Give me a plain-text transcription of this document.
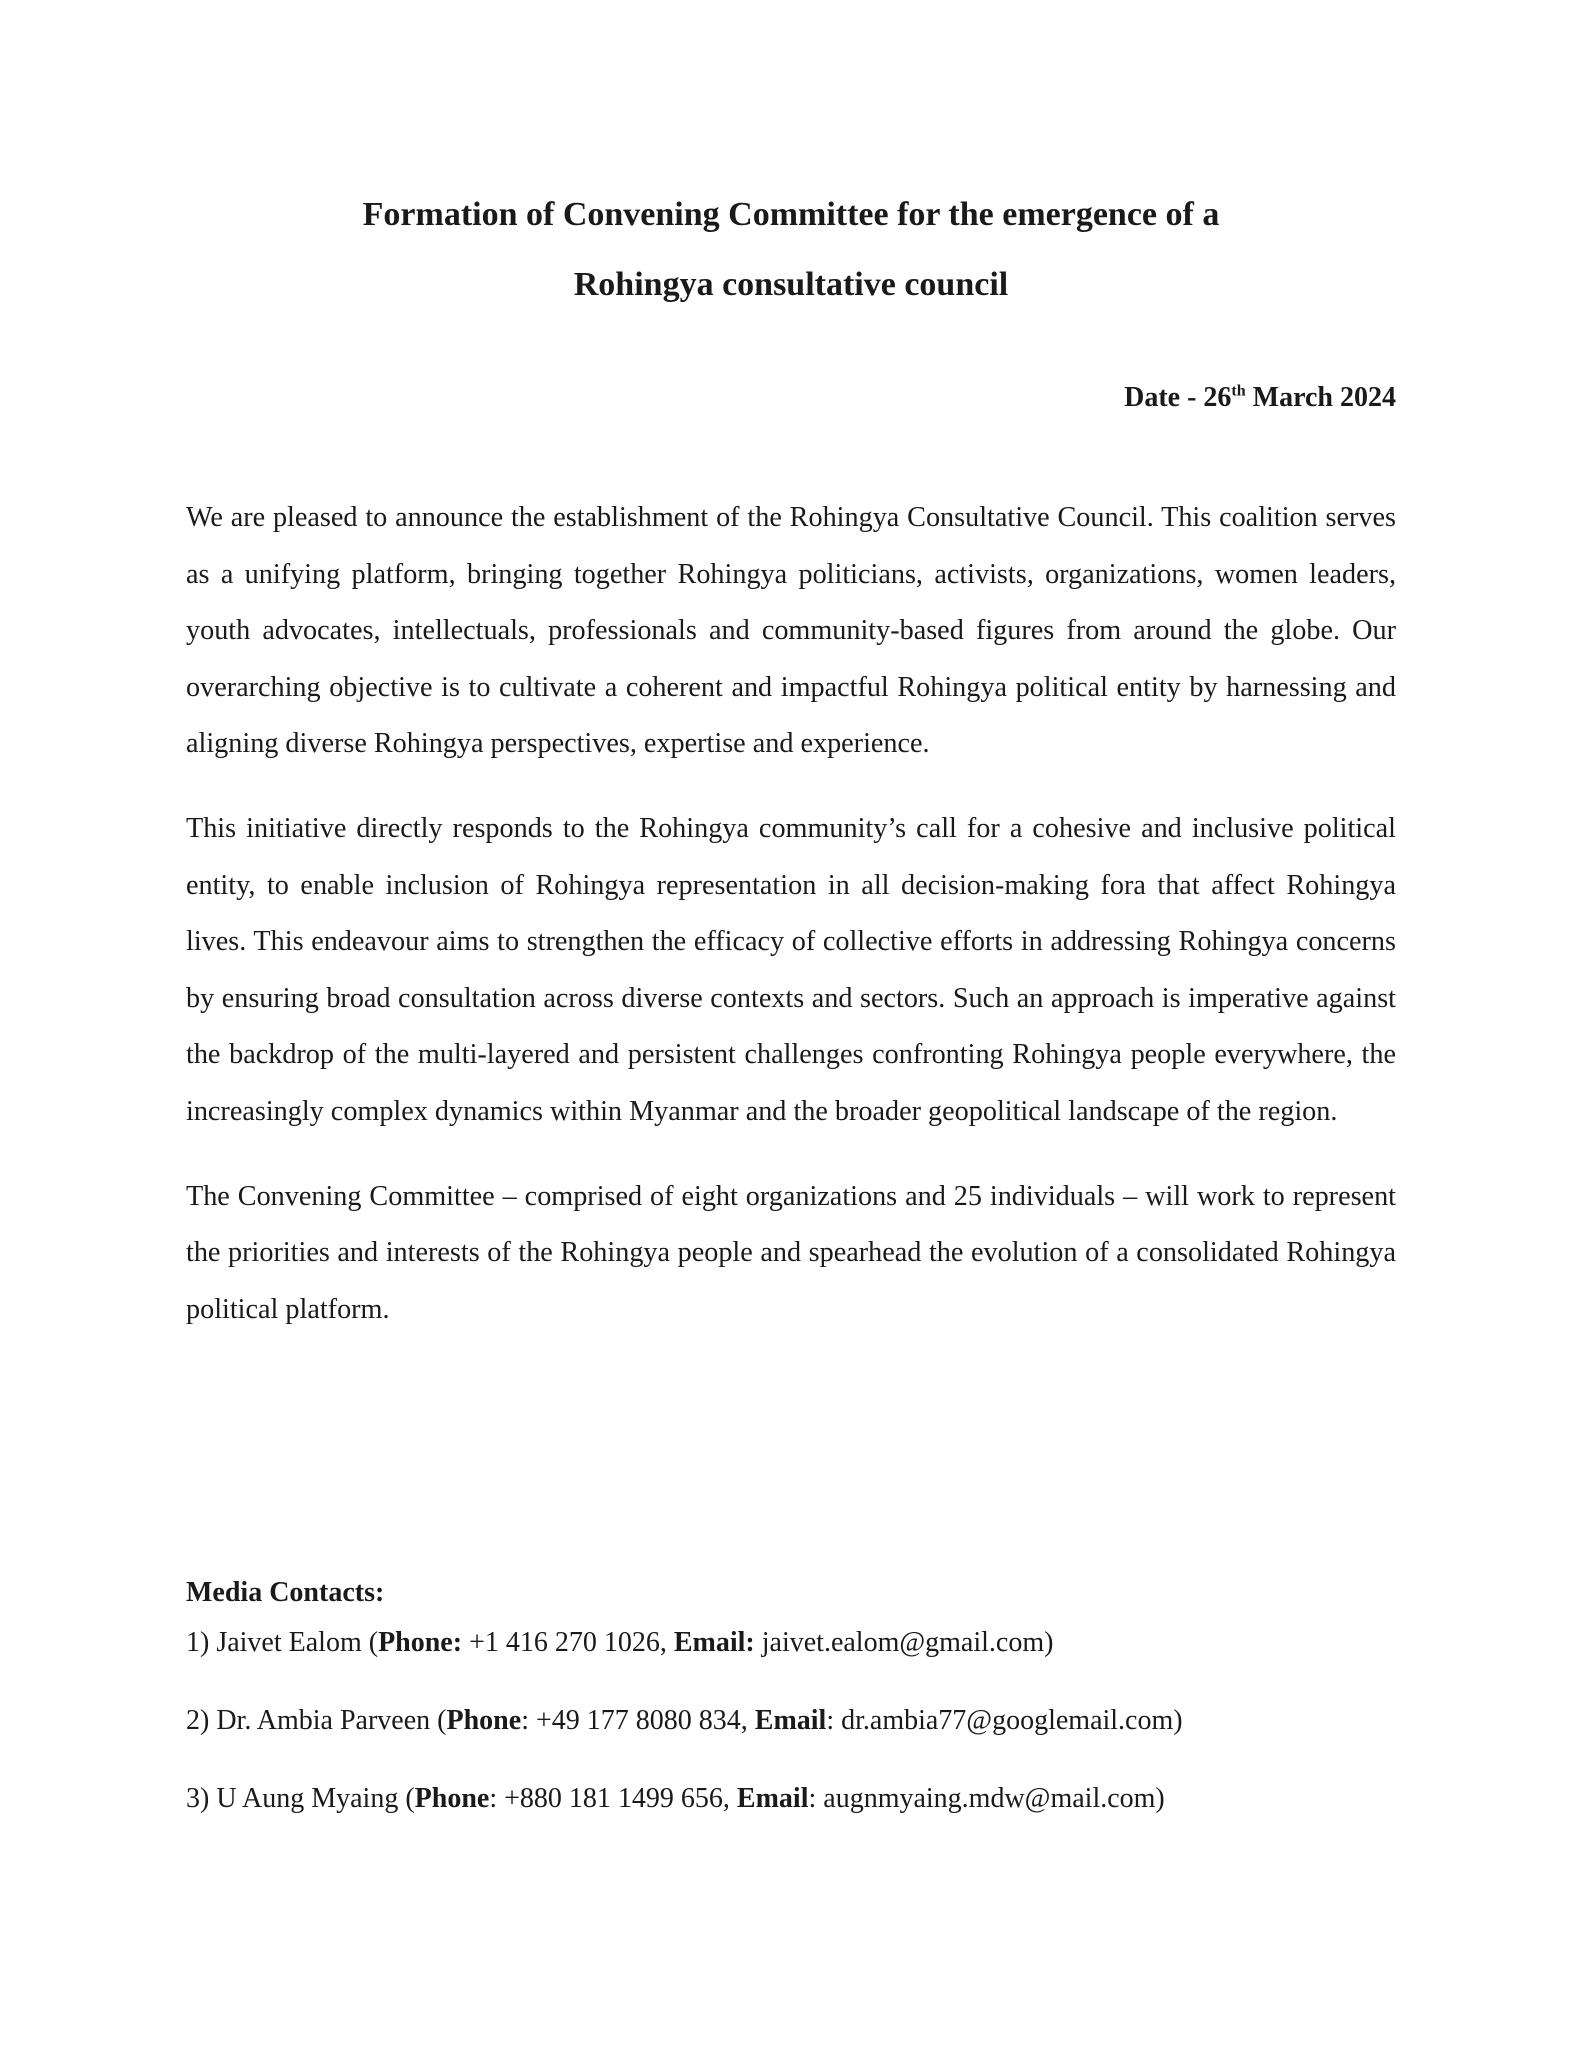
Formation of Convening Committee for the emergence of a
Rohingya consultative council

Date - 26th March 2024

We are pleased to announce the establishment of the Rohingya Consultative Council. This coalition serves as a unifying platform, bringing together Rohingya politicians, activists, organizations, women leaders, youth advocates, intellectuals, professionals and community-based figures from around the globe. Our overarching objective is to cultivate a coherent and impactful Rohingya political entity by harnessing and aligning diverse Rohingya perspectives, expertise and experience.

This initiative directly responds to the Rohingya community’s call for a cohesive and inclusive political entity, to enable inclusion of Rohingya representation in all decision-making fora that affect Rohingya lives. This endeavour aims to strengthen the efficacy of collective efforts in addressing Rohingya concerns by ensuring broad consultation across diverse contexts and sectors. Such an approach is imperative against the backdrop of the multi-layered and persistent challenges confronting Rohingya people everywhere, the increasingly complex dynamics within Myanmar and the broader geopolitical landscape of the region.

The Convening Committee – comprised of eight organizations and 25 individuals – will work to represent the priorities and interests of the Rohingya people and spearhead the evolution of a consolidated Rohingya political platform.

Media Contacts:

1) Jaivet Ealom (Phone: +1 416 270 1026, Email: jaivet.ealom@gmail.com)

2) Dr. Ambia Parveen (Phone: +49 177 8080 834, Email: dr.ambia77@googlemail.com)

3) U Aung Myaing (Phone: +880 181 1499 656, Email: augnmyaing.mdw@mail.com)
